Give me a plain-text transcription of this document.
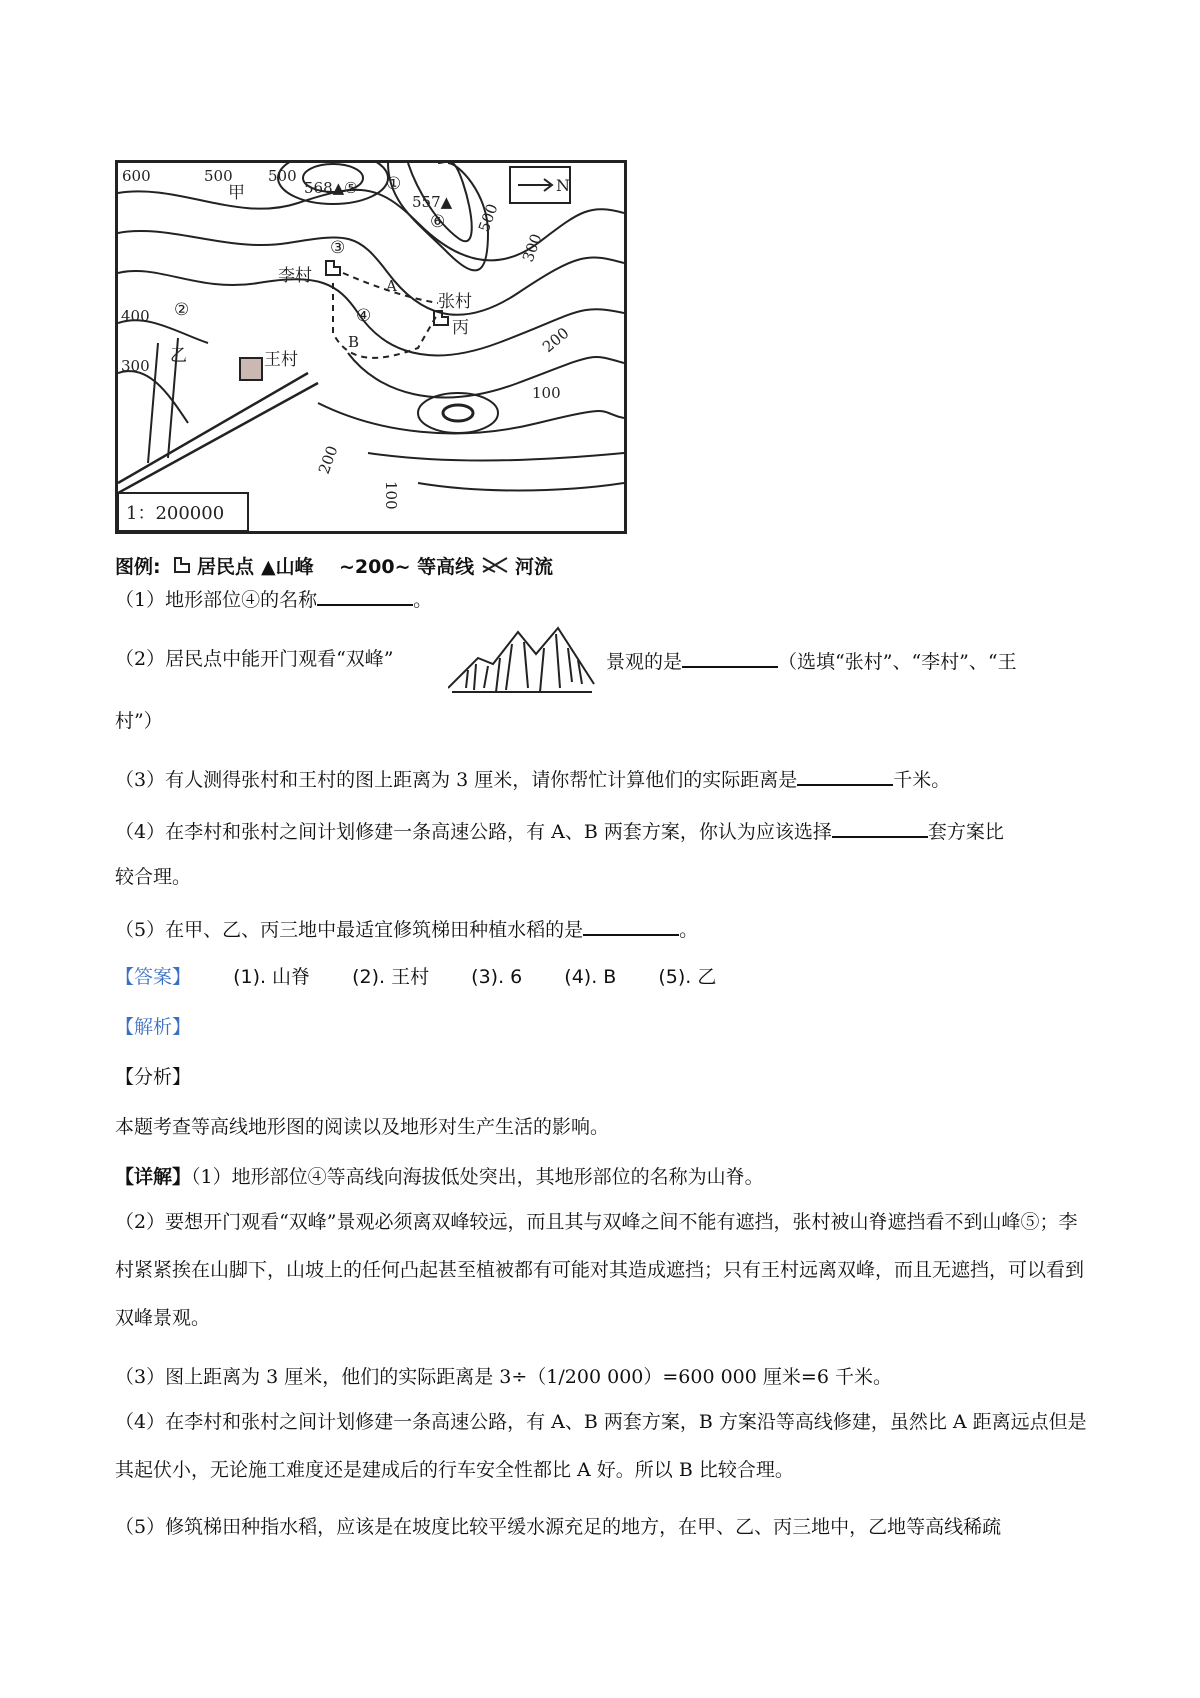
600	500 500
568▲⑤ ①
557▲
⑥
N
500
300
200
100
400
300
甲
乙
丙
③
④
②
李村
张村
王村
A
B
200
100
1：200000
图例: 居民点 ▲山峰 ~200~ 等高线 河流
（1）地形部位④的名称	。
（2）居民点中能开门观看“双峰”	景观的是	（选填“张村”、“李村”、“王
村”）
（3）有人测得张村和王村的图上距离为 3 厘米，请你帮忙计算他们的实际距离是	千米。
（4）在李村和张村之间计划修建一条高速公路，有 A、B 两套方案，你认为应该选择	套方案比
较合理。
（5）在甲、乙、丙三地中最适宜修筑梯田种植水稻的是	。
【答案】 (1). 山脊 (2). 王村 (3). 6 (4). B (5). 乙
【解析】
【分析】
本题考查等高线地形图的阅读以及地形对生产生活的影响。
【详解】（1）地形部位④等高线向海拔低处突出，其地形部位的名称为山脊。
（2）要想开门观看“双峰”景观必须离双峰较远，而且其与双峰之间不能有遮挡，张村被山脊遮挡看不到山峰⑤；李村紧紧挨在山脚下，山坡上的任何凸起甚至植被都有可能对其造成遮挡；只有王村远离双峰，而且无遮挡，可以看到双峰景观。
（3）图上距离为 3 厘米，他们的实际距离是 3÷（1/200 000）=600 000 厘米=6 千米。
（4）在李村和张村之间计划修建一条高速公路，有 A、B 两套方案，B 方案沿等高线修建，虽然比 A 距离远点但是其起伏小，无论施工难度还是建成后的行车安全性都比 A 好。所以 B 比较合理。
（5）修筑梯田种指水稻，应该是在坡度比较平缓水源充足的地方，在甲、乙、丙三地中，乙地等高线稀疏
